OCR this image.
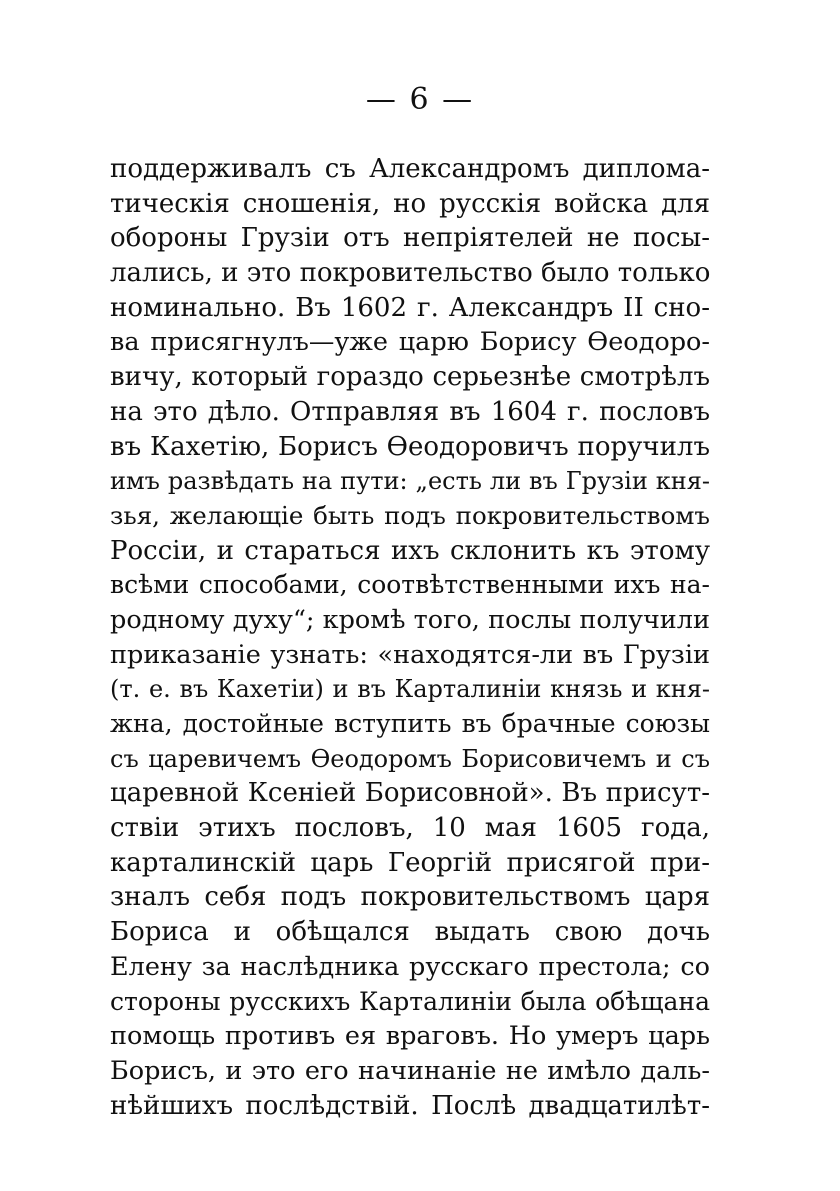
— 6 —
поддерживалъ съ Александромъ диплома-
тическія сношенія, но русскія войска для
обороны Грузіи отъ непріятелей не посы-
лались, и это покровительство было только
номинально. Въ 1602 г. Александръ II сно-
ва присягнулъ—уже царю Борису Ѳеодоро-
вичу, который гораздо серьезнѣе смотрѣлъ
на это дѣло. Отправляя въ 1604 г. пословъ
въ Кахетію, Борисъ Ѳеодоровичъ поручилъ
имъ развѣдать на пути: „есть ли въ Грузіи кня-
зья, желающіе быть подъ покровительствомъ
Россіи, и стараться ихъ склонить къ этому
всѣми способами, соотвѣтственными ихъ на-
родному духу“; кромѣ того, послы получили
приказаніе узнать: «находятся-ли въ Грузіи
(т. е. въ Кахетіи) и въ Карталиніи князь и кня-
жна, достойные вступить въ брачные союзы
съ царевичемъ Ѳеодоромъ Борисовичемъ и съ
царевной Ксеніей Борисовной». Въ присут-
ствіи этихъ пословъ, 10 мая 1605 года,
карталинскій царь Георгій присягой при-
зналъ себя подъ покровительствомъ царя
Бориса и обѣщался выдать свою дочь
Елену за наслѣдника русскаго престола; со
стороны русскихъ Карталиніи была обѣщана
помощь противъ ея враговъ. Но умеръ царь
Борисъ, и это его начинаніе не имѣло даль-
нѣйшихъ послѣдствій. Послѣ двадцатилѣт-
